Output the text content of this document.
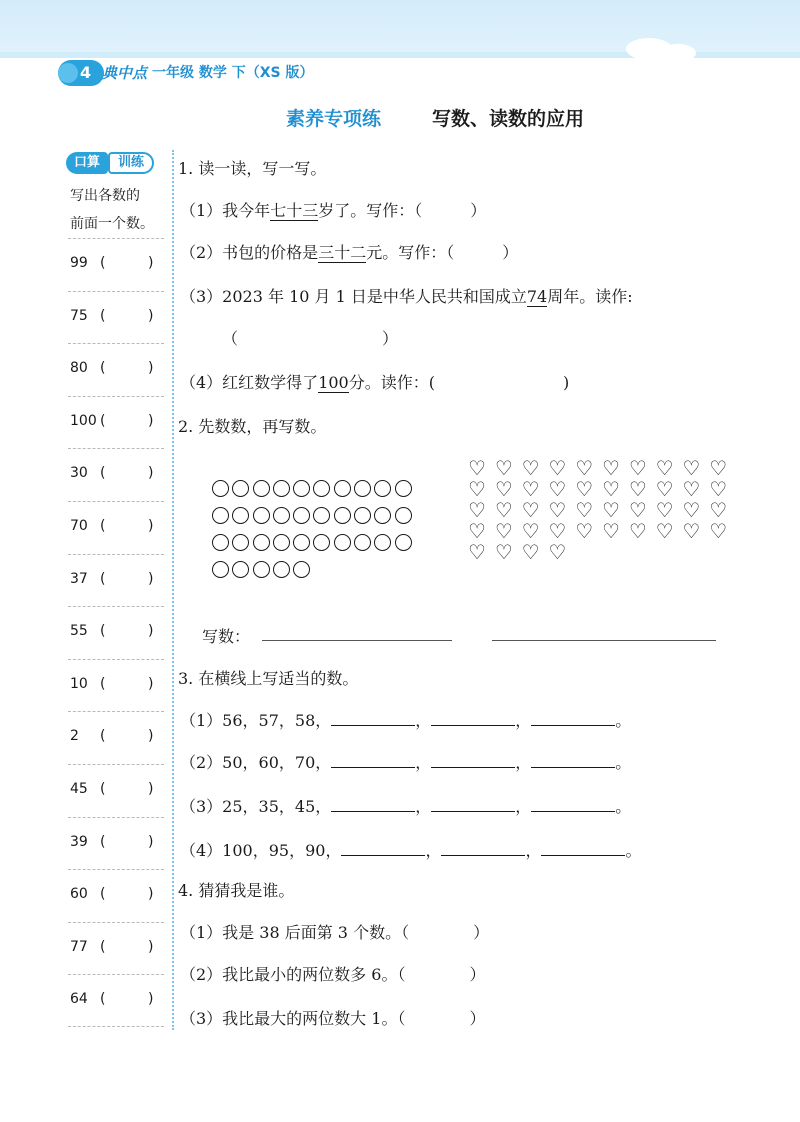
4 典中点 一年级 数学 下（XS 版）
素养专项练	写数、读数的应用
口算	训练
写出各数的
前面一个数。
99 (	)
75 (	)
80 (	)
100 (	)
30 (	)
70 (	)
37 (	)
55 (	)
10 (	)
2 (	)
45 (	)
39 (	)
60 (	)
77 (	)
64 (	)
1. 读一读，写一写。
（1）我今年七十三岁了。写作：（　　　）
（2）书包的价格是三十二元。写作：（　　　）
（3）2023 年 10 月 1 日是中华人民共和国成立74周年。读作:
（　　　　　　　　　）
（4）红红数学得了100分。读作：(　　　　　　　　)
2. 先数数，再写数。

♡ ♡ ♡ ♡ ♡ ♡ ♡ ♡ ♡ ♡
♡ ♡ ♡ ♡ ♡ ♡ ♡ ♡ ♡ ♡
♡ ♡ ♡ ♡ ♡ ♡ ♡ ♡ ♡ ♡
♡ ♡ ♡ ♡ ♡ ♡ ♡ ♡ ♡ ♡
♡ ♡ ♡ ♡
写数：
3. 在横线上写适当的数。
（1）56，57，58，	，	，	。
（2）50，60，70，	，	，	。
（3）25，35，45，	，	，	。
（4）100，95，90，	，	，	。
4. 猜猜我是谁。
（1）我是 38 后面第 3 个数。（　　　　）
（2）我比最小的两位数多 6。（　　　　）
（3）我比最大的两位数大 1。（　　　　）
